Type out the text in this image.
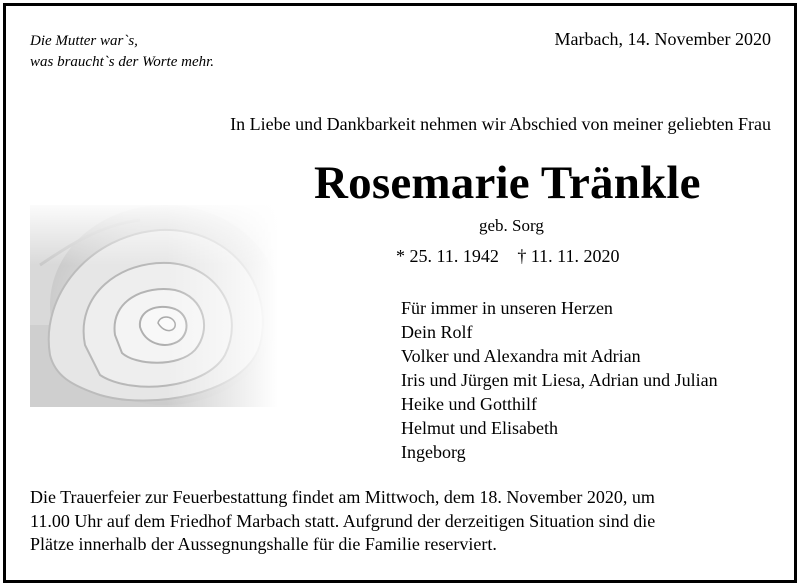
Die Mutter war`s,
was braucht`s der Worte mehr.
Marbach, 14. November 2020
In Liebe und Dankbarkeit nehmen wir Abschied von meiner geliebten Frau
Rosemarie Tränkle
geb. Sorg
* 25. 11. 1942 † 11. 11. 2020
Für immer in unseren Herzen
Dein Rolf
Volker und Alexandra mit Adrian
Iris und Jürgen mit Liesa, Adrian und Julian
Heike und Gotthilf
Helmut und Elisabeth
Ingeborg
Die Trauerfeier zur Feuerbestattung findet am Mittwoch, dem 18. November 2020, um
11.00 Uhr auf dem Friedhof Marbach statt. Aufgrund der derzeitigen Situation sind die
Plätze innerhalb der Aussegnungshalle für die Familie reserviert.
